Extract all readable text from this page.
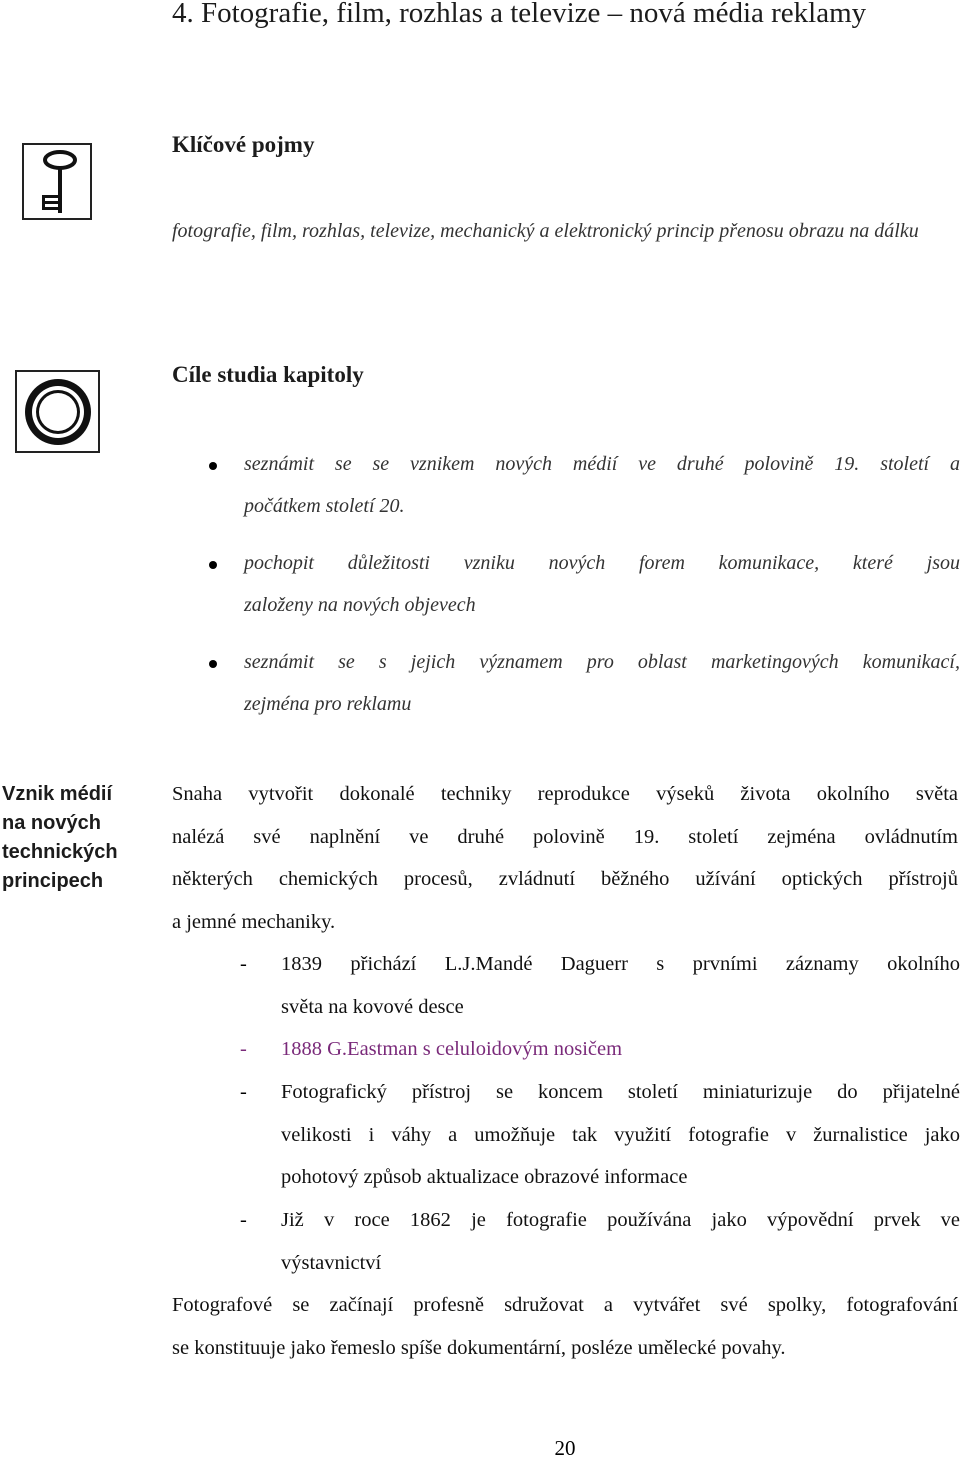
4. Fotografie, film, rozhlas a televize – nová média reklamy
Klíčové pojmy
fotografie, film, rozhlas, televize, mechanický a elektronický princip přenosu obrazu na dálku
Cíle studia kapitoly
seznámit se se vznikem nových médií ve druhé polovině 19. století a
počátkem století 20.
pochopit důležitosti vzniku nových forem komunikace, které jsou
založeny na nových objevech
seznámit se s jejich významem pro oblast marketingových komunikací,
zejména pro reklamu
Vznik médií
na nových
technických
principech
Snaha vytvořit dokonalé techniky reprodukce výseků života okolního světa
nalézá své naplnění ve druhé polovině 19. století zejména ovládnutím
některých chemických procesů, zvládnutí běžného užívání optických přístrojů
a jemné mechaniky.
- 1839 přichází L.J.Mandé Daguerr s prvními záznamy okolního
světa na kovové desce
- 1888 G.Eastman s celuloidovým nosičem
- Fotografický přístroj se koncem století miniaturizuje do přijatelné
velikosti i váhy a umožňuje tak využití fotografie v žurnalistice jako
pohotový způsob aktualizace obrazové informace
- Již v roce 1862 je fotografie používána jako výpovědní prvek ve
výstavnictví
Fotografové se začínají profesně sdružovat a vytvářet své spolky, fotografování
se konstituuje jako řemeslo spíše dokumentární, posléze umělecké povahy.
20
